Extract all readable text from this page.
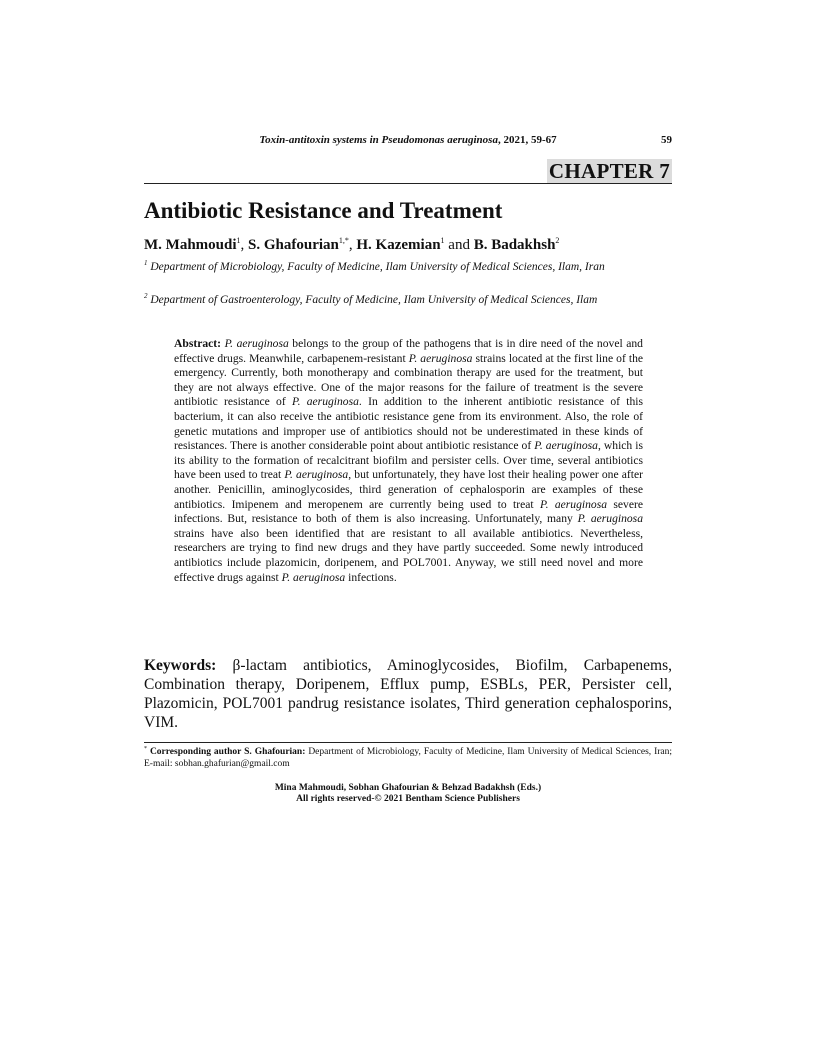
Toxin-antitoxin systems in Pseudomonas aeruginosa, 2021, 59-67	59
CHAPTER 7
Antibiotic Resistance and Treatment
M. Mahmoudi$^1$, S. Ghafourian$^{1,*}$, H. Kazemian$^1$ and B. Badakhsh$^2$
$^1$ Department of Microbiology, Faculty of Medicine, Ilam University of Medical Sciences, Ilam, Iran
$^2$ Department of Gastroenterology, Faculty of Medicine, Ilam University of Medical Sciences, Ilam
Abstract: P. aeruginosa belongs to the group of the pathogens that is in dire need of the novel and effective drugs. Meanwhile, carbapenem-resistant P. aeruginosa strains located at the first line of the emergency. Currently, both monotherapy and combination therapy are used for the treatment, but they are not always effective. One of the major reasons for the failure of treatment is the severe antibiotic resistance of P. aeruginosa. In addition to the inherent antibiotic resistance of this bacterium, it can also receive the antibiotic resistance gene from its environment. Also, the role of genetic mutations and improper use of antibiotics should not be underestimated in these kinds of resistances. There is another considerable point about antibiotic resistance of P. aeruginosa, which is its ability to the formation of recalcitrant biofilm and persister cells. Over time, several antibiotics have been used to treat P. aeruginosa, but unfortunately, they have lost their healing power one after another. Penicillin, aminoglycosides, third generation of cephalosporin are examples of these antibiotics. Imipenem and meropenem are currently being used to treat P. aeruginosa severe infections. But, resistance to both of them is also increasing. Unfortunately, many P. aeruginosa strains have also been identified that are resistant to all available antibiotics. Nevertheless, researchers are trying to find new drugs and they have partly succeeded. Some newly introduced antibiotics include plazomicin, doripenem, and POL7001. Anyway, we still need novel and more effective drugs against P. aeruginosa infections.
Keywords: β-lactam antibiotics, Aminoglycosides, Biofilm, Carbapenems, Combination therapy, Doripenem, Efflux pump, ESBLs, PER, Persister cell, Plazomicin, POL7001 pandrug resistance isolates, Third generation cephalosporins, VIM.
* Corresponding author S. Ghafourian: Department of Microbiology, Faculty of Medicine, Ilam University of Medical Sciences, Iran; E-mail: sobhan.ghafurian@gmail.com
Mina Mahmoudi, Sobhan Ghafourian & Behzad Badakhsh (Eds.)
All rights reserved-© 2021 Bentham Science Publishers
